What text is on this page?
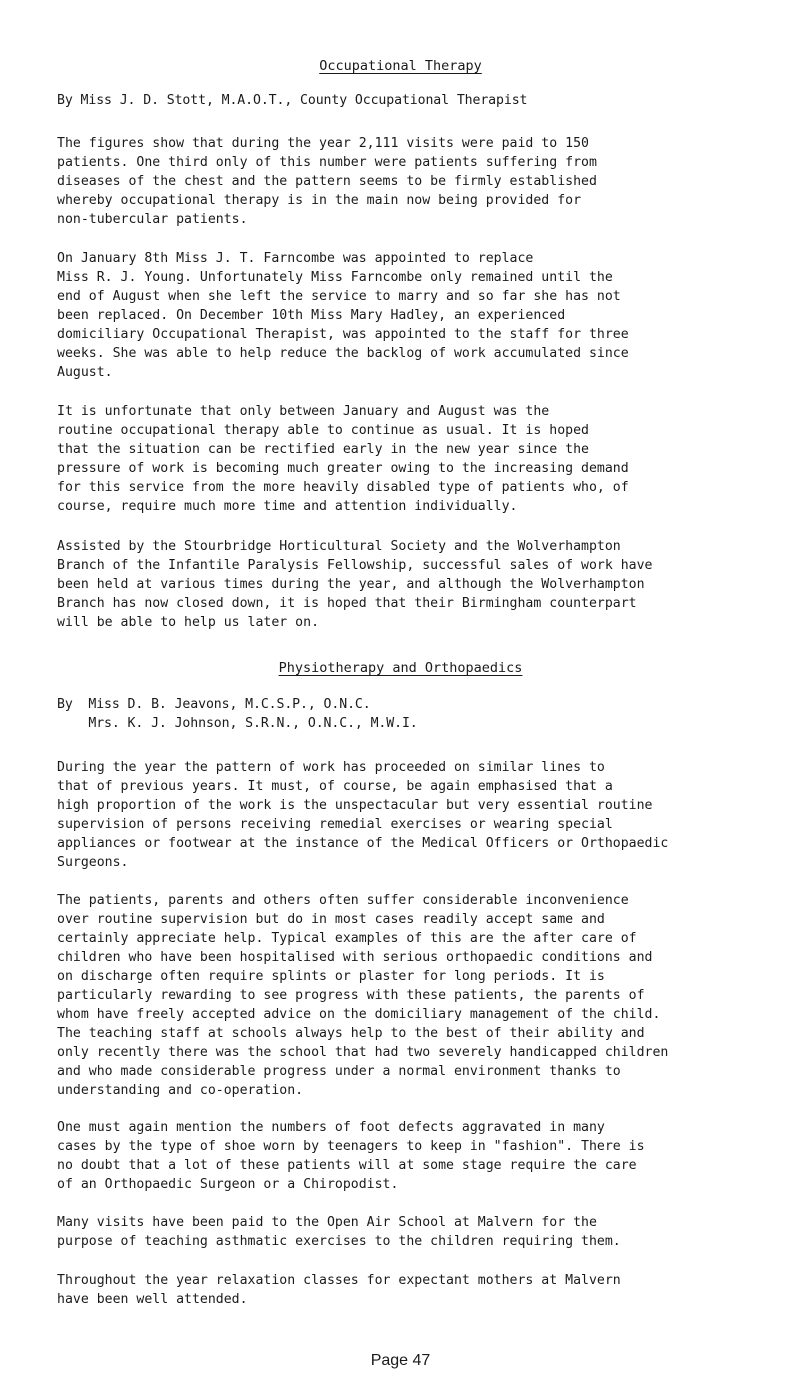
Occupational Therapy
By Miss J. D. Stott, M.A.O.T., County Occupational Therapist

The figures show that during the year 2,111 visits were paid to 150

patients. One third only of this number were patients suffering from

diseases of the chest and the pattern seems to be firmly established

whereby occupational therapy is in the main now being provided for

non-tubercular patients.

On January 8th Miss J. T. Farncombe was appointed to replace

Miss R. J. Young. Unfortunately Miss Farncombe only remained until the

end of August when she left the service to marry and so far she has not

been replaced. On December 10th Miss Mary Hadley, an experienced

domiciliary Occupational Therapist, was appointed to the staff for three

weeks. She was able to help reduce the backlog of work accumulated since

August.

It is unfortunate that only between January and August was the

routine occupational therapy able to continue as usual. It is hoped

that the situation can be rectified early in the new year since the

pressure of work is becoming much greater owing to the increasing demand

for this service from the more heavily disabled type of patients who, of

course, require much more time and attention individually.

Assisted by the Stourbridge Horticultural Society and the Wolverhampton

Branch of the Infantile Paralysis Fellowship, successful sales of work have

been held at various times during the year, and although the Wolverhampton

Branch has now closed down, it is hoped that their Birmingham counterpart

will be able to help us later on.

Physiotherapy and Orthopaedics
By  Miss D. B. Jeavons, M.C.S.P., O.N.C.
Mrs. K. J. Johnson, S.R.N., O.N.C., M.W.I.

During the year the pattern of work has proceeded on similar lines to

that of previous years. It must, of course, be again emphasised that a

high proportion of the work is the unspectacular but very essential routine

supervision of persons receiving remedial exercises or wearing special

appliances or footwear at the instance of the Medical Officers or Orthopaedic

Surgeons.

The patients, parents and others often suffer considerable inconvenience

over routine supervision but do in most cases readily accept same and

certainly appreciate help. Typical examples of this are the after care of

children who have been hospitalised with serious orthopaedic conditions and

on discharge often require splints or plaster for long periods. It is

particularly rewarding to see progress with these patients, the parents of

whom have freely accepted advice on the domiciliary management of the child.

The teaching staff at schools always help to the best of their ability and

only recently there was the school that had two severely handicapped children

and who made considerable progress under a normal environment thanks to

understanding and co-operation.

One must again mention the numbers of foot defects aggravated in many

cases by the type of shoe worn by teenagers to keep in "fashion". There is

no doubt that a lot of these patients will at some stage require the care

of an Orthopaedic Surgeon or a Chiropodist.

Many visits have been paid to the Open Air School at Malvern for the

purpose of teaching asthmatic exercises to the children requiring them.

Throughout the year relaxation classes for expectant mothers at Malvern

have been well attended.

Page 47
